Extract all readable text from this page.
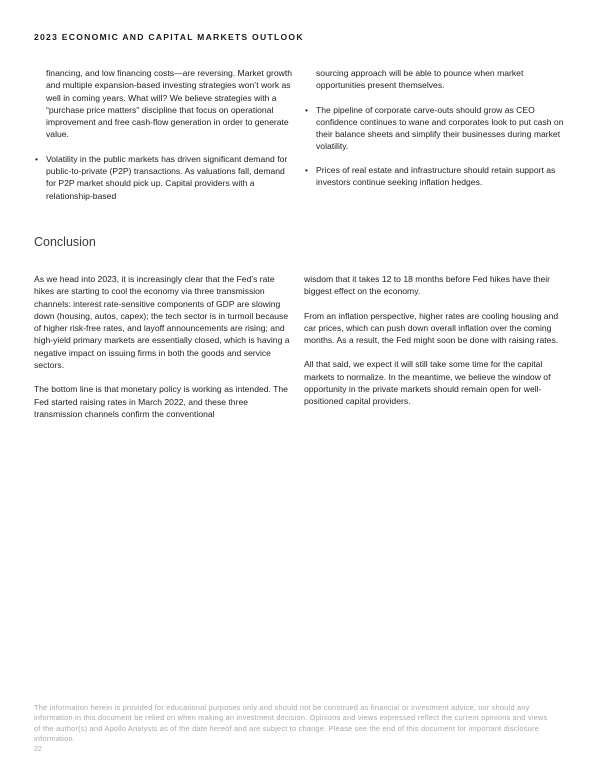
2023 ECONOMIC AND CAPITAL MARKETS OUTLOOK

financing, and low financing costs—are reversing. Market growth and multiple expansion-based investing strategies won’t work as well in coming years. What will? We believe strategies with a “purchase price matters” discipline that focus on operational improvement and free cash-flow generation in order to generate value.

• Volatility in the public markets has driven significant demand for public-to-private (P2P) transactions. As valuations fall, demand for P2P market should pick up. Capital providers with a relationship-based

sourcing approach will be able to pounce when market opportunities present themselves.

• The pipeline of corporate carve-outs should grow as CEO confidence continues to wane and corporates look to put cash on their balance sheets and simplify their businesses during market volatility.

• Prices of real estate and infrastructure should retain support as investors continue seeking inflation hedges.

Conclusion

As we head into 2023, it is increasingly clear that the Fed’s rate hikes are starting to cool the economy via three transmission channels: interest rate-sensitive components of GDP are slowing down (housing, autos, capex); the tech sector is in turmoil because of higher risk-free rates, and layoff announcements are rising; and high-yield primary markets are essentially closed, which is having a negative impact on issuing firms in both the goods and service sectors.

The bottom line is that monetary policy is working as intended. The Fed started raising rates in March 2022, and these three transmission channels confirm the conventional

wisdom that it takes 12 to 18 months before Fed hikes have their biggest effect on the economy.

From an inflation perspective, higher rates are cooling housing and car prices, which can push down overall inflation over the coming months. As a result, the Fed might soon be done with raising rates.

All that said, we expect it will still take some time for the capital markets to normalize. In the meantime, we believe the window of opportunity in the private markets should remain open for well-positioned capital providers.

The information herein is provided for educational purposes only and should not be construed as financial or investment advice, nor should any information in this document be relied on when making an investment decision. Opinions and views expressed reflect the current opinions and views of the author(s) and Apollo Analysts as of the date hereof and are subject to change. Please see the end of this document for important disclosure information.
22
